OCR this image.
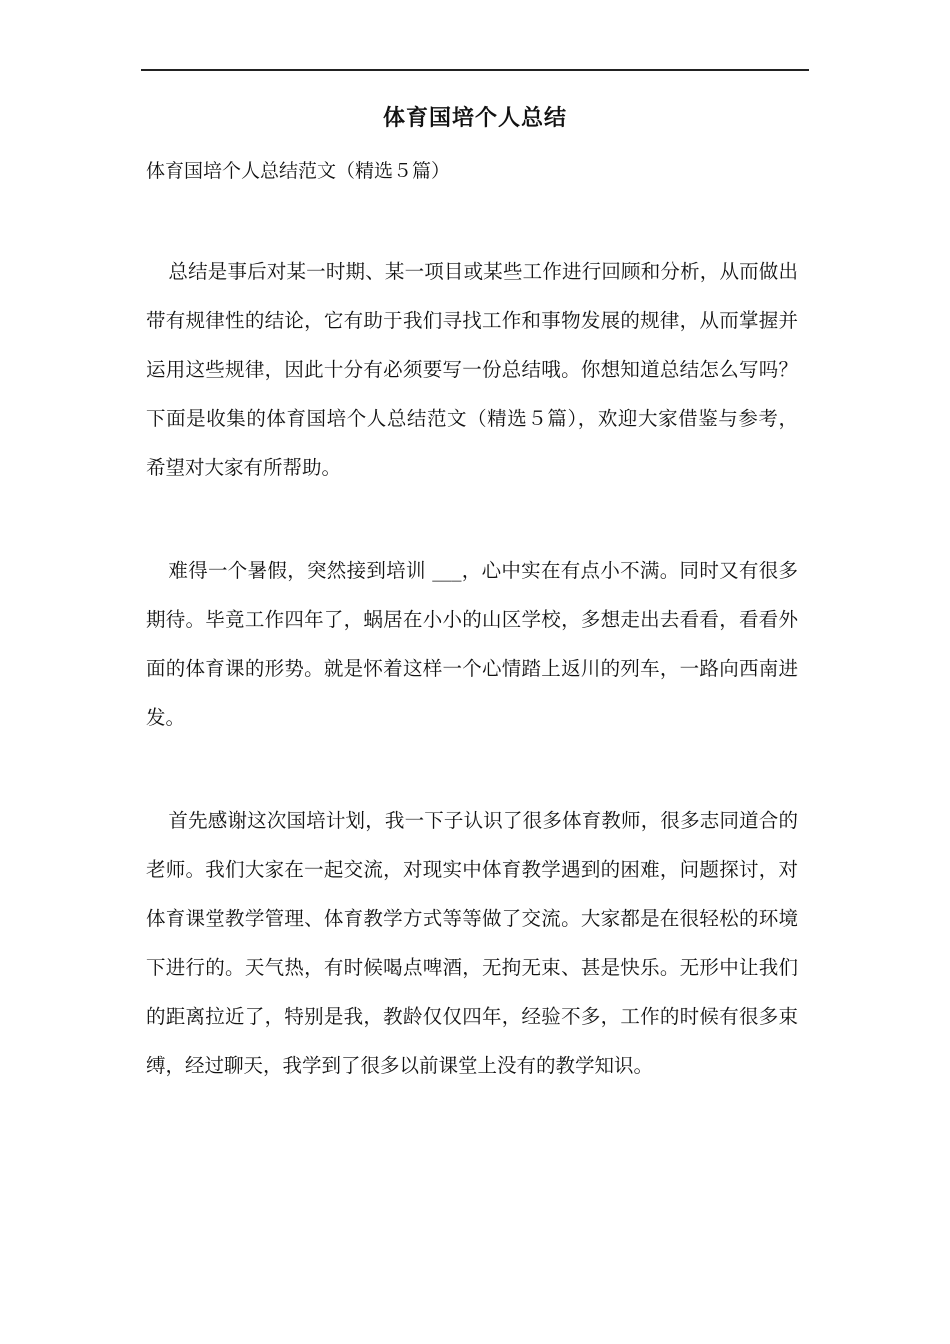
体育国培个人总结
体育国培个人总结范文（精选５篇）

总结是事后对某一时期、某一项目或某些工作进行回顾和分析，从而做出带有规律性的结论，它有助于我们寻找工作和事物发展的规律，从而掌握并运用这些规律，因此十分有必须要写一份总结哦。你想知道总结怎么写吗？下面是收集的体育国培个人总结范文（精选５篇），欢迎大家借鉴与参考，希望对大家有所帮助。

难得一个暑假，突然接到培训 ___，心中实在有点小不满。同时又有很多期待。毕竟工作四年了，蜗居在小小的山区学校，多想走出去看看，看看外面的体育课的形势。就是怀着这样一个心情踏上返川的列车，一路向西南进发。

首先感谢这次国培计划，我一下子认识了很多体育教师，很多志同道合的老师。我们大家在一起交流，对现实中体育教学遇到的困难，问题探讨，对体育课堂教学管理、体育教学方式等等做了交流。大家都是在很轻松的环境下进行的。天气热，有时候喝点啤酒，无拘无束、甚是快乐。无形中让我们的距离拉近了，特别是我，教龄仅仅四年，经验不多，工作的时候有很多束缚，经过聊天，我学到了很多以前课堂上没有的教学知识。
